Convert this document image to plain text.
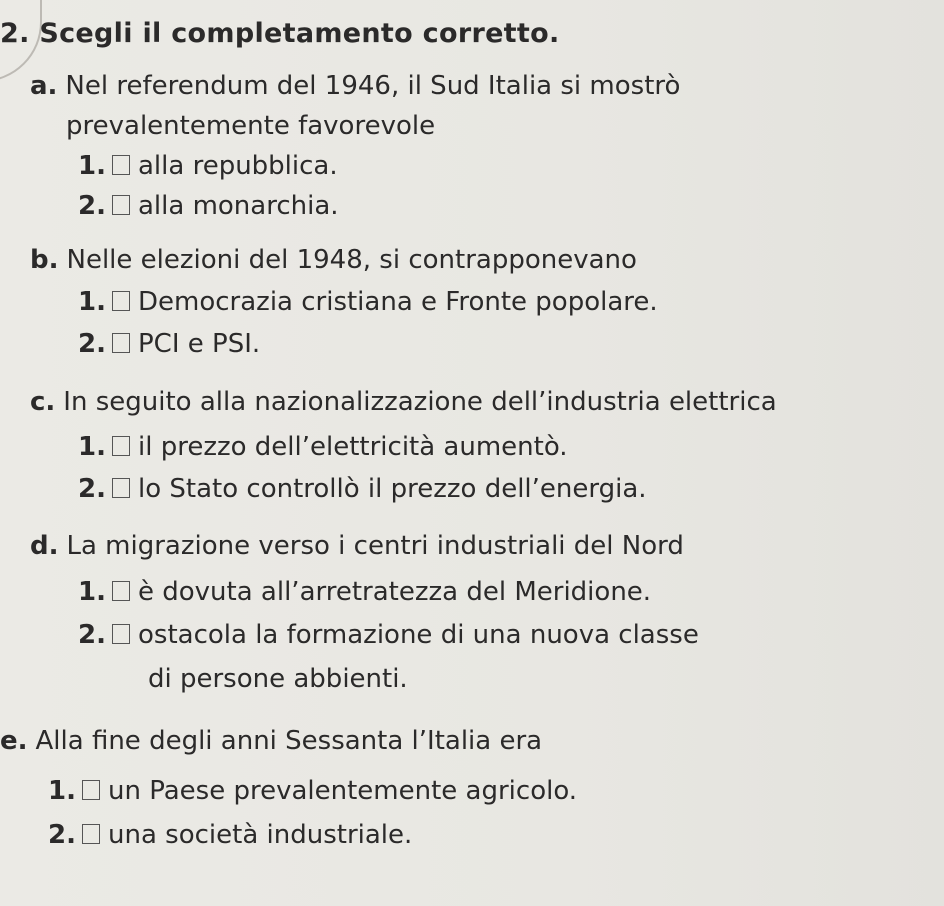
2. Scegli il completamento corretto.
a. Nel referendum del 1946, il Sud Italia si mostrò
prevalentemente favorevole
1. alla repubblica.
2. alla monarchia.
b. Nelle elezioni del 1948, si contrapponevano
1. Democrazia cristiana e Fronte popolare.
2. PCI e PSI.
c. In seguito alla nazionalizzazione dell’industria elettrica
1. il prezzo dell’elettricità aumentò.
2. lo Stato controllò il prezzo dell’energia.
d. La migrazione verso i centri industriali del Nord
1. è dovuta all’arretratezza del Meridione.
2. ostacola la formazione di una nuova classe
di persone abbienti.
e. Alla fine degli anni Sessanta l’Italia era
1. un Paese prevalentemente agricolo.
2. una società industriale.
